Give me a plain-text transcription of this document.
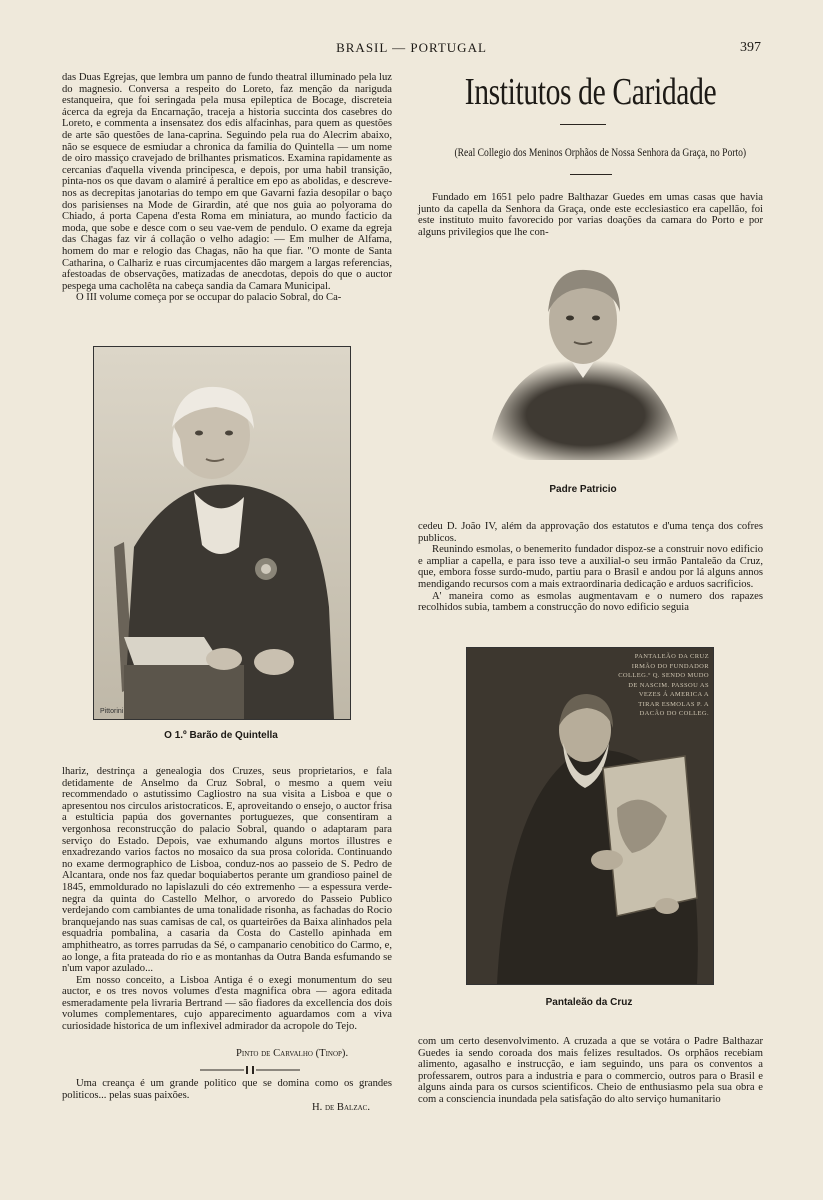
BRASIL — PORTUGAL	397

das Duas Egrejas, que lembra um panno de fundo theatral illuminado pela luz do magnesio. Conversa a respeito do Loreto, faz menção da nariguda estanqueira, que foi seringada pela musa epileptica de Bocage, discreteia ácerca da egreja da Encarnação, traceja a historia succinta dos casebres do Loreto, e commenta a insensatez dos edis alfacinhas, para quem as questões de arte são questões de lana-caprina. Seguindo pela rua do Alecrim abaixo, não se esquece de esmiudar a chronica da familia do Quintella — um nome de oiro massiço cravejado de brilhantes prismaticos. Examina rapidamente as cercanias d'aquella vivenda principesca, e depois, por uma habil transição, pinta-nos os que davam o alamiré á peraltice em epo as abolidas, e descreve-nos as decrepitas janotarias do tempo em que Gavarni fazia desopilar o baço dos parisienses na Mode de Girardin, até que nos guia ao polyorama do Chiado, á porta Capena d'esta Roma em miniatura, ao mundo facticio da moda, que sobe e desce com o seu vae-vem de pendulo. O exame da egreja das Chagas faz vir á collação o velho adagio: — Em mulher de Alfama, homem do mar e relogio das Chagas, não ha que fiar. "O monte de Santa Catharina, o Calhariz e ruas circumjacentes dão margem a largas referencias, afestoadas de observações, matizadas de anecdotas, depois do que o auctor pespega uma cacholêta na cabeça sandia da Camara Municipal.

O III volume começa por se occupar do palacio Sobral, do Ca-

Pittorini
O 1.º Barão de Quintella

lhariz, destrinça a genealogia dos Cruzes, seus proprietarios, e fala detidamente de Anselmo da Cruz Sobral, o mesmo a quem veiu recommendado o astutissimo Cagliostro na sua visita a Lisboa e que o apresentou nos circulos aristocraticos. E, aproveitando o ensejo, o auctor frisa a estulticia papúa dos governantes portuguezes, que consentiram a vergonhosa reconstrucção do palacio Sobral, quando o adaptaram para serviço do Estado. Depois, vae exhumando alguns mortos illustres e enxadrezando varios factos no mosaico da sua prosa colorida. Continuando no exame dermographico de Lisboa, conduz-nos ao passeio de S. Pedro de Alcantara, onde nos faz quedar boquiabertos perante um grandioso painel de 1845, emmoldurado no lapislazuli do céo extremenho — a espessura verde-negra da quinta do Castello Melhor, o arvoredo do Passeio Publico verdejando com cambiantes de uma tonalidade risonha, as fachadas do Rocio branquejando nas suas camisas de cal, os quarteirões da Baixa alinhados pela esquadria pombalina, a casaria da Costa do Castello apinhada em amphitheatro, as torres parrudas da Sé, o campanario cenobitico do Carmo, e, ao longe, a fita prateada do rio e as montanhas da Outra Banda esfumando se n'um vapor azulado...

Em nosso conceito, a Lisboa Antiga é o exegi monumentum do seu auctor, e os tres novos volumes d'esta magnifica obra — agora editada esmeradamente pela livraria Bertrand — são fiadores da excellencia dos dois volumes complementares, cujo apparecimento aguardamos com a viva curiosidade historica de um inflexivel admirador da acropole do Tejo.

Pinto de Carvalho (Tinop).

Uma creança é um grande politico que se domina como os grandes politicos... pelas suas paixões.

H. de Balzac.
Institutos de Caridade
(Real Collegio dos Meninos Orphãos de Nossa Senhora da Graça, no Porto)

Fundado em 1651 pelo padre Balthazar Guedes em umas casas que havia junto da capella da Senhora da Graça, onde este ecclesiastico era capellão, foi este instituto muito favorecido por varias doações da camara do Porto e por alguns privilegios que lhe con-

Padre Patricio

cedeu D. João IV, além da approvação dos estatutos e d'uma tença dos cofres publicos.

Reunindo esmolas, o benemerito fundador dispoz-se a construir novo edificio e ampliar a capella, e para isso teve a auxilial-o seu irmão Pantaleão da Cruz, que, embora fosse surdo-mudo, partiu para o Brasil e andou por lá alguns annos mendigando recursos com a mais extraordinaria dedicação e arduos sacrificios.

A' maneira como as esmolas augmentavam e o numero dos rapazes recolhidos subia, tambem a construcção do novo edificio seguia

PANTALEÃO DA CRUZ
IRMÃO DO FUNDADOR
COLLEG.º Q. SENDO MUDO
DE NASCIM. PASSOU AS
VEZES Á AMERICA A
TIRAR ESMOLAS P. A
DACÃO DO COLLEG.
Pantaleão da Cruz

com um certo desenvolvimento. A cruzada a que se votára o Padre Balthazar Guedes ia sendo coroada dos mais felizes resultados. Os orphãos recebiam alimento, agasalho e instrucção, e iam seguindo, uns para os conventos a professarem, outros para a industria e para o commercio, outros para o Brasil e alguns ainda para os cursos scientificos. Cheio de enthusiasmo pela sua obra e com a consciencia inundada pela satisfação do alto serviço humanitario
